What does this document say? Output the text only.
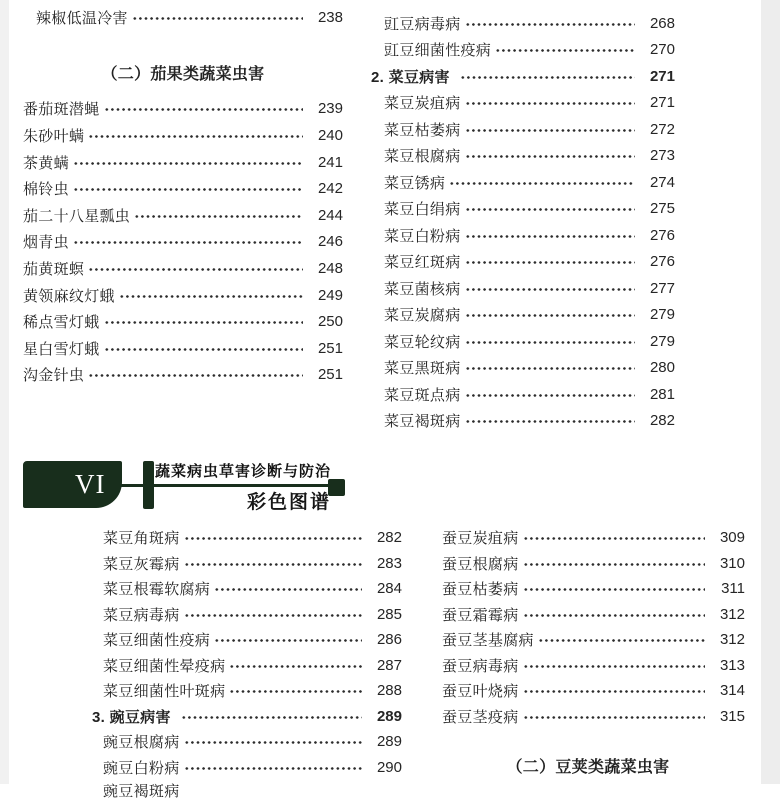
辣椒低温冷害	238
（二）茄果类蔬菜虫害
番茄斑潜蝇	239
朱砂叶螨	240
茶黄螨	241
棉铃虫	242
茄二十八星瓢虫	244
烟青虫	246
茄黄斑螟	248
黄领麻纹灯蛾	249
稀点雪灯蛾	250
星白雪灯蛾	251
沟金针虫	251
豇豆病毒病	268
豇豆细菌性疫病	270
2. 菜豆病害	271
菜豆炭疽病	271
菜豆枯萎病	272
菜豆根腐病	273
菜豆锈病	274
菜豆白绢病	275
菜豆白粉病	276
菜豆红斑病	276
菜豆菌核病	277
菜豆炭腐病	279
菜豆轮纹病	279
菜豆黑斑病	280
菜豆斑点病	281
菜豆褐斑病	282
VI	蔬菜病虫草害诊断与防治
彩色图谱
菜豆角斑病	282
菜豆灰霉病	283
菜豆根霉软腐病	284
菜豆病毒病	285
菜豆细菌性疫病	286
菜豆细菌性晕疫病	287
菜豆细菌性叶斑病	288
3. 豌豆病害	289
豌豆根腐病	289
豌豆白粉病	290
豌豆褐斑病
蚕豆炭疽病	309
蚕豆根腐病	310
蚕豆枯萎病	311
蚕豆霜霉病	312
蚕豆茎基腐病	312
蚕豆病毒病	313
蚕豆叶烧病	314
蚕豆茎疫病	315
（二）豆荚类蔬菜虫害
